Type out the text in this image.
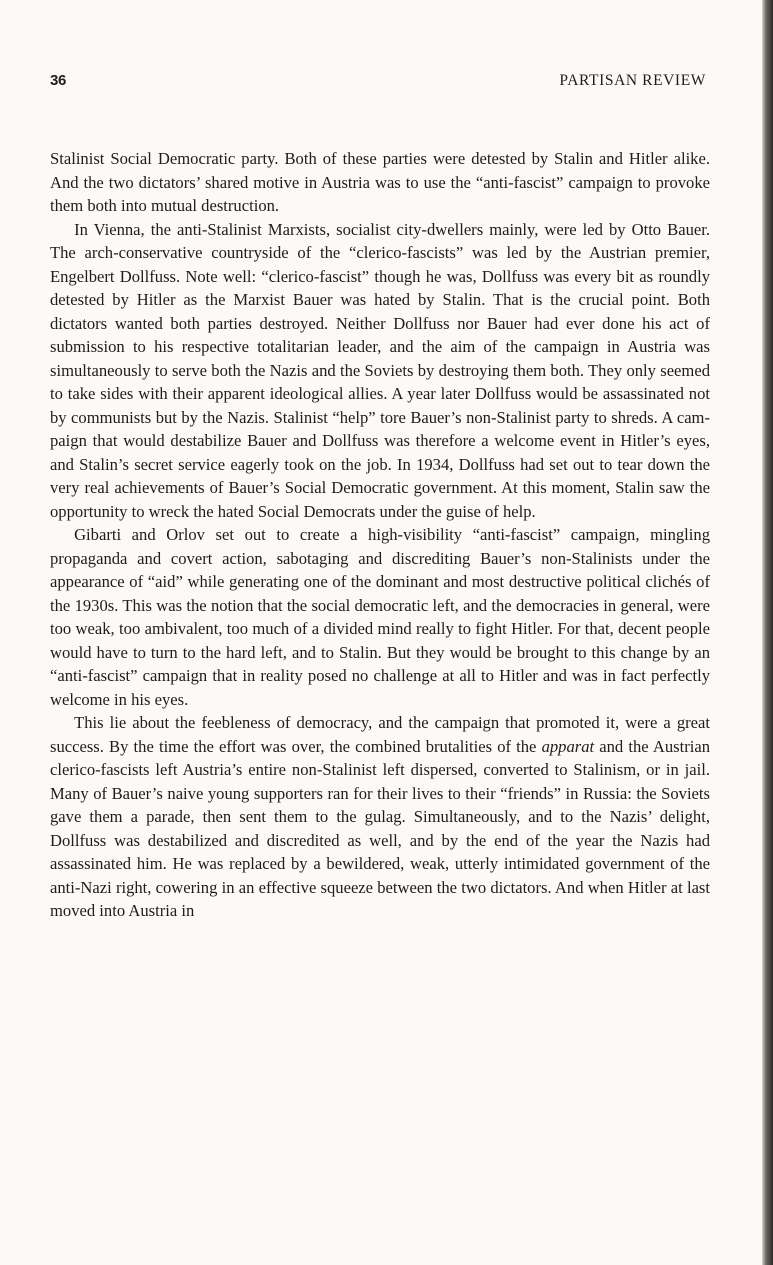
36	PARTISAN REVIEW

Stalinist Social Democratic party. Both of these parties were detested by Stalin and Hitler alike. And the two dictators’ shared motive in Austria was to use the “anti-fascist” campaign to provoke them both into mutual destruction.

In Vienna, the anti-Stalinist Marxists, socialist city-dwellers mainly, were led by Otto Bauer. The arch-conservative countryside of the “clerico-fascists” was led by the Austrian premier, Engelbert Dollfuss. Note well: “clerico-fascist” though he was, Dollfuss was every bit as roundly detested by Hitler as the Marxist Bauer was hated by Stalin. That is the crucial point. Both dictators wanted both parties destroyed. Neither Dollfuss nor Bauer had ever done his act of submission to his respective totalitarian leader, and the aim of the campaign in Austria was simultaneously to serve both the Nazis and the Soviets by destroying them both. They only seemed to take sides with their apparent ideological allies. A year later Dollfuss would be assassinated not by communists but by the Nazis. Stalinist “help” tore Bauer’s non-Stalinist party to shreds. A campaign that would destabilize Bauer and Dollfuss was therefore a welcome event in Hitler’s eyes, and Stalin’s secret service eagerly took on the job. In 1934, Dollfuss had set out to tear down the very real achievements of Bauer’s Social Democratic government. At this moment, Stalin saw the opportunity to wreck the hated Social Democrats under the guise of help.

Gibarti and Orlov set out to create a high-visibility “anti-fascist” campaign, mingling propaganda and covert action, sabotaging and discrediting Bauer’s non-Stalinists under the appearance of “aid” while generating one of the dominant and most destructive political clichés of the 1930s. This was the notion that the social democratic left, and the democracies in general, were too weak, too ambivalent, too much of a divided mind really to fight Hitler. For that, decent people would have to turn to the hard left, and to Stalin. But they would be brought to this change by an “anti-fascist” campaign that in reality posed no challenge at all to Hitler and was in fact perfectly welcome in his eyes.

This lie about the feebleness of democracy, and the campaign that promoted it, were a great success. By the time the effort was over, the combined brutalities of the apparat and the Austrian clerico-fascists left Austria’s entire non-Stalinist left dispersed, converted to Stalinism, or in jail. Many of Bauer’s naive young supporters ran for their lives to their “friends” in Russia: the Soviets gave them a parade, then sent them to the gulag. Simultaneously, and to the Nazis’ delight, Dollfuss was destabilized and discredited as well, and by the end of the year the Nazis had assassinated him. He was replaced by a bewildered, weak, utterly intimidated government of the anti-Nazi right, cowering in an effective squeeze between the two dictators. And when Hitler at last moved into Austria in
